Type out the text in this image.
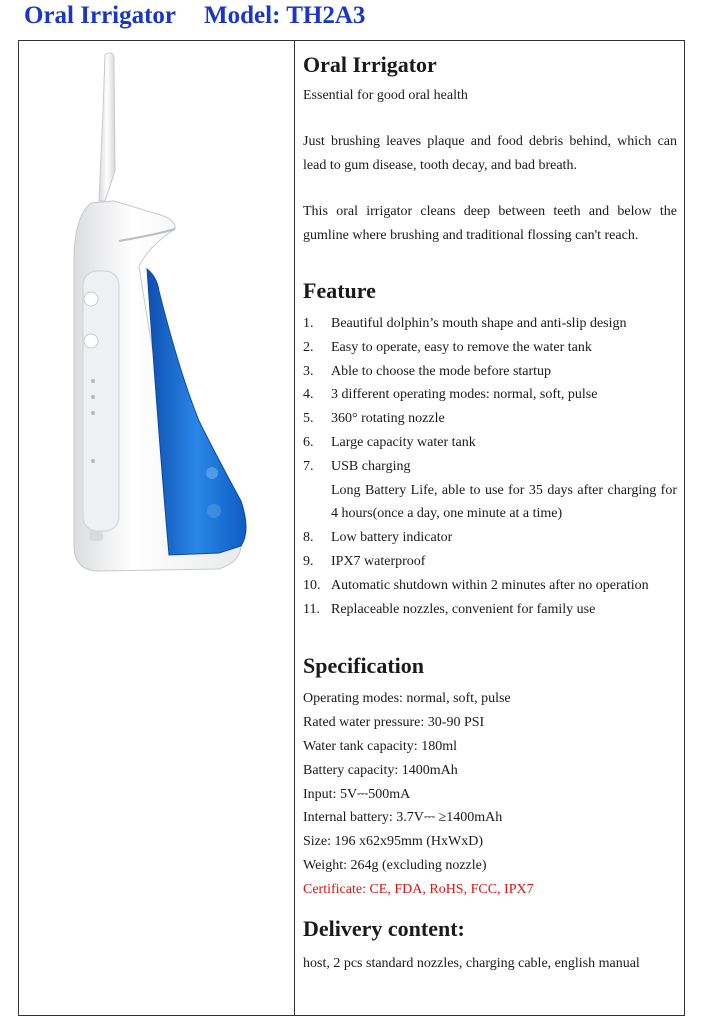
Oral Irrigator Model: TH2A3
Oral Irrigator

Essential for good oral health

Just brushing leaves plaque and food debris behind, which can lead to gum disease, tooth decay, and bad breath.

This oral irrigator cleans deep between teeth and below the gumline where brushing and traditional flossing can't reach.

Feature
1.	Beautiful dolphin’s mouth shape and anti-slip design
2.	Easy to operate, easy to remove the water tank
3.	Able to choose the mode before startup
4.	3 different operating modes: normal, soft, pulse
5.	360° rotating nozzle
6.	Large capacity water tank
7.	USB charging
Long Battery Life, able to use for 35 days after charging for 4 hours(once a day, one minute at a time)
8.	Low battery indicator
9.	IPX7 waterproof
10. Automatic shutdown within 2 minutes after no operation
11. Replaceable nozzles, convenient for family use
Specification
Operating modes: normal, soft, pulse
Rated water pressure: 30-90 PSI
Water tank capacity: 180ml
Battery capacity: 1400mAh
Input: 5V⎓500mA
Internal battery: 3.7V⎓ ≥1400mAh
Size: 196 x62x95mm (HxWxD)
Weight: 264g (excluding nozzle)
Certificate: CE, FDA, RoHS, FCC, IPX7
Delivery content:
host, 2 pcs standard nozzles, charging cable, english manual
